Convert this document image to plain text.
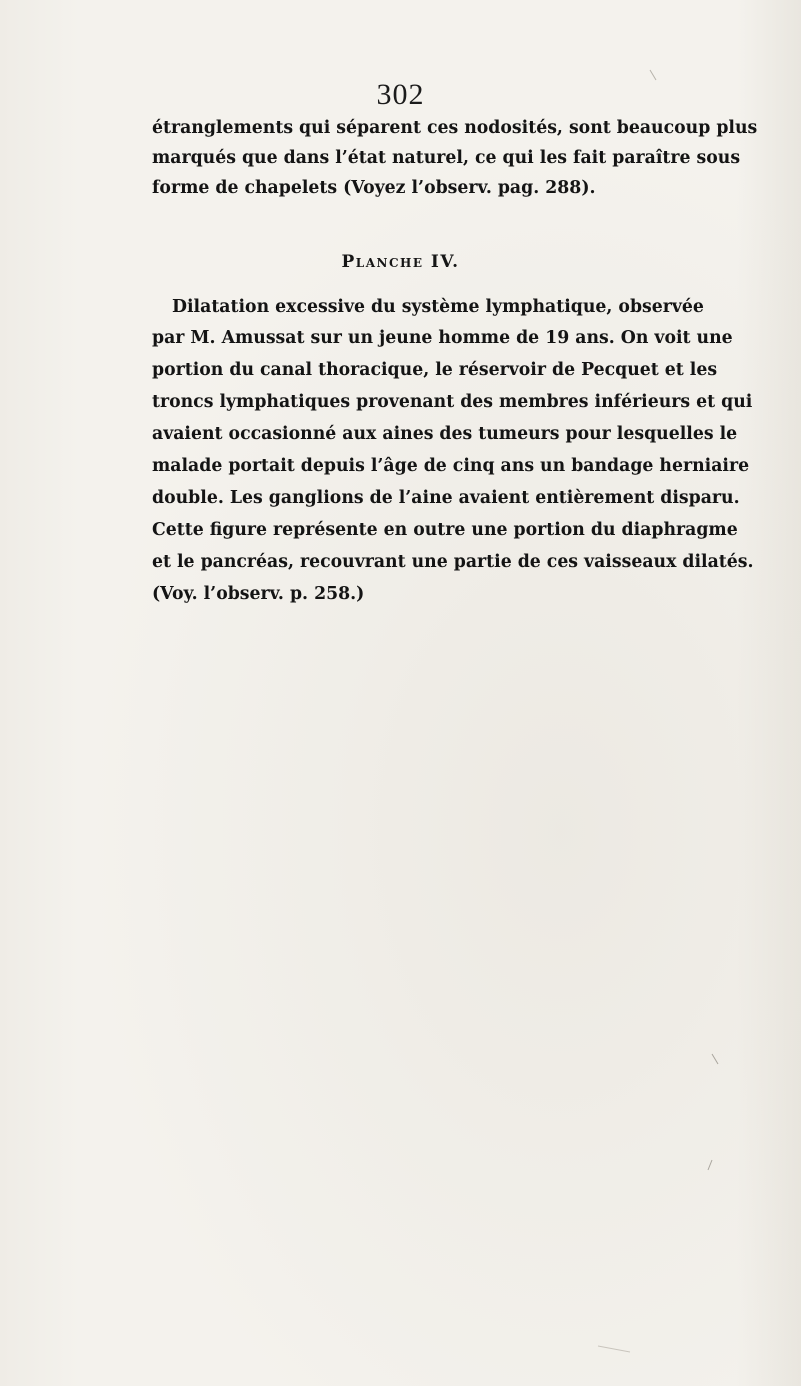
302
étranglements qui séparent ces nodosités, sont beaucoup plus
marqués que dans l’état naturel, ce qui les fait paraître sous
forme de chapelets (Voyez l’observ. pag. 288).
Planche IV.
Dilatation excessive du système lymphatique, observée
par M. Amussat sur un jeune homme de 19 ans. On voit une
portion du canal thoracique, le réservoir de Pecquet et les
troncs lymphatiques provenant des membres inférieurs et qui
avaient occasionné aux aines des tumeurs pour lesquelles le
malade portait depuis l’âge de cinq ans un bandage herniaire
double. Les ganglions de l’aine avaient entièrement disparu.
Cette figure représente en outre une portion du diaphragme
et le pancréas, recouvrant une partie de ces vaisseaux dilatés.
(Voy. l’observ. p. 258.)
